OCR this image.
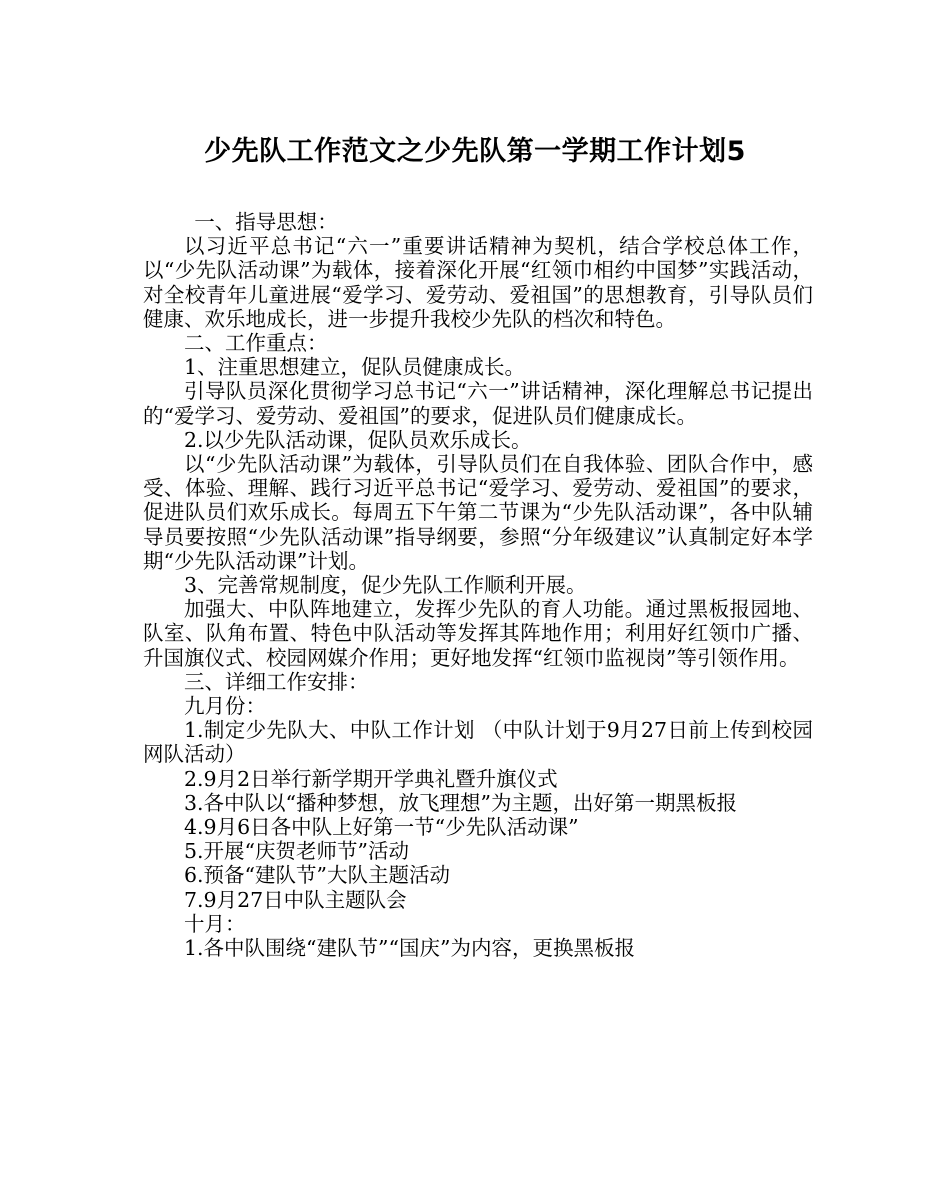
少先队工作范文之少先队第一学期工作计划5

一、指导思想：

以习近平总书记“六一”重要讲话精神为契机，结合学校总体工作，以“少先队活动课”为载体，接着深化开展“红领巾相约中国梦”实践活动，对全校青年儿童进展“爱学习、爱劳动、爱祖国”的思想教育，引导队员们健康、欢乐地成长，进一步提升我校少先队的档次和特色。

二、工作重点：

1、注重思想建立，促队员健康成长。

引导队员深化贯彻学习总书记“六一”讲话精神，深化理解总书记提出的“爱学习、爱劳动、爱祖国”的要求，促进队员们健康成长。

2.以少先队活动课，促队员欢乐成长。

以“少先队活动课”为载体，引导队员们在自我体验、团队合作中，感受、体验、理解、践行习近平总书记“爱学习、爱劳动、爱祖国”的要求，促进队员们欢乐成长。每周五下午第二节课为“少先队活动课”，各中队辅导员要按照“少先队活动课”指导纲要，参照“分年级建议”认真制定好本学期“少先队活动课”计划。

3、完善常规制度，促少先队工作顺利开展。

加强大、中队阵地建立，发挥少先队的育人功能。通过黑板报园地、队室、队角布置、特色中队活动等发挥其阵地作用；利用好红领巾广播、升国旗仪式、校园网媒介作用；更好地发挥“红领巾监视岗”等引领作用。

三、详细工作安排：

九月份：

1.制定少先队大、中队工作计划 （中队计划于9月27日前上传到校园网队活动）

2.9月2日举行新学期开学典礼暨升旗仪式

3.各中队以“播种梦想，放飞理想”为主题，出好第一期黑板报

4.9月6日各中队上好第一节“少先队活动课”

5.开展“庆贺老师节”活动

6.预备“建队节”大队主题活动

7.9月27日中队主题队会

十月：

1.各中队围绕“建队节”“国庆”为内容，更换黑板报
